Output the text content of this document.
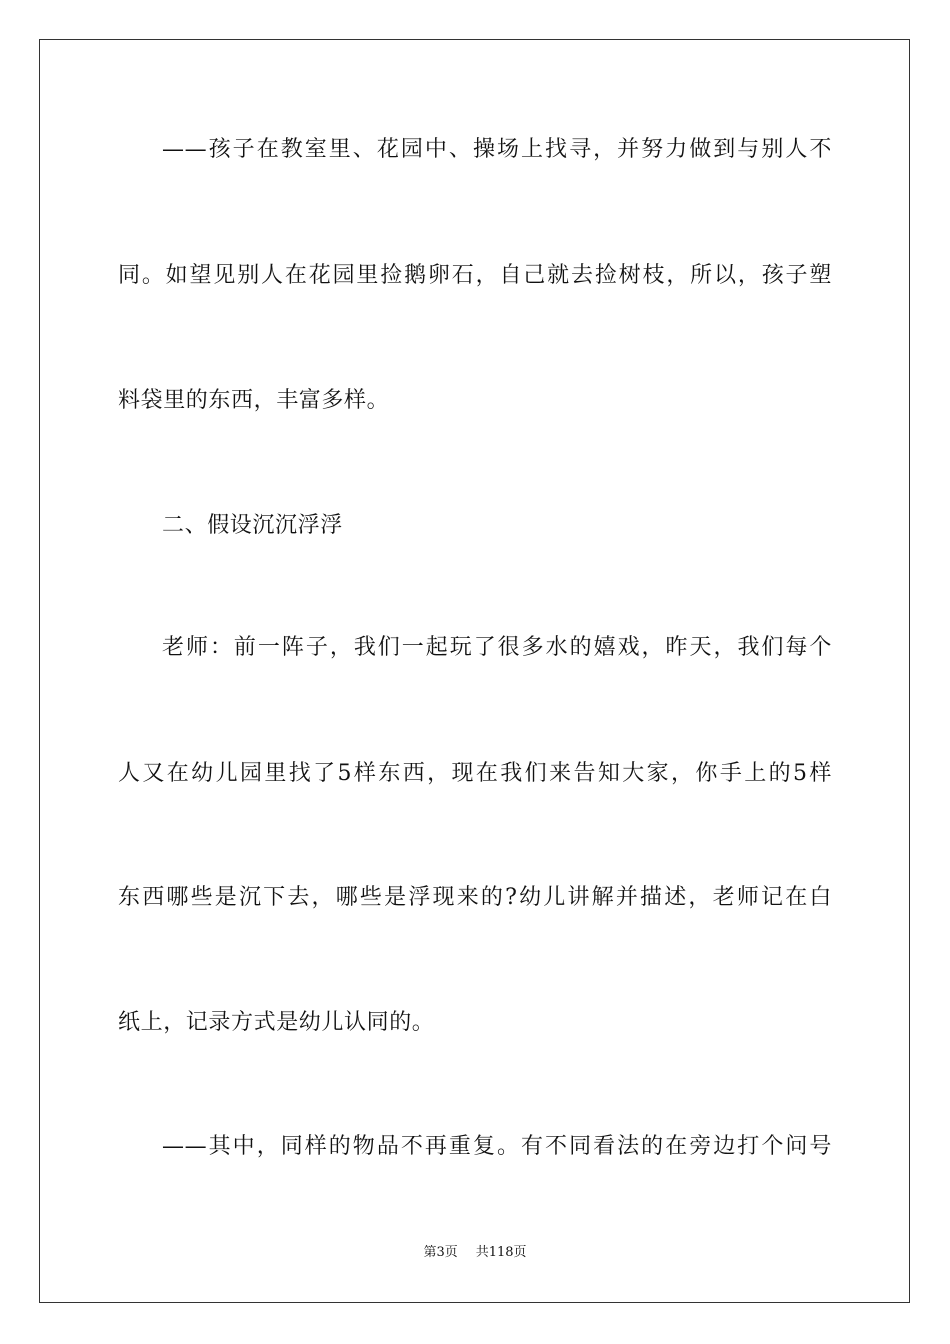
——孩子在教室里、花园中、操场上找寻，并努力做到与别人不
同。如望见别人在花园里捡鹅卵石，自己就去捡树枝，所以，孩子塑
料袋里的东西，丰富多样。
二、假设沉沉浮浮
老师：前一阵子，我们一起玩了很多水的嬉戏，昨天，我们每个
人又在幼儿园里找了5样东西，现在我们来告知大家，你手上的5样
东西哪些是沉下去，哪些是浮现来的?幼儿讲解并描述，老师记在白
纸上，记录方式是幼儿认同的。
——其中，同样的物品不再重复。有不同看法的在旁边打个问号
第3页 共118页
